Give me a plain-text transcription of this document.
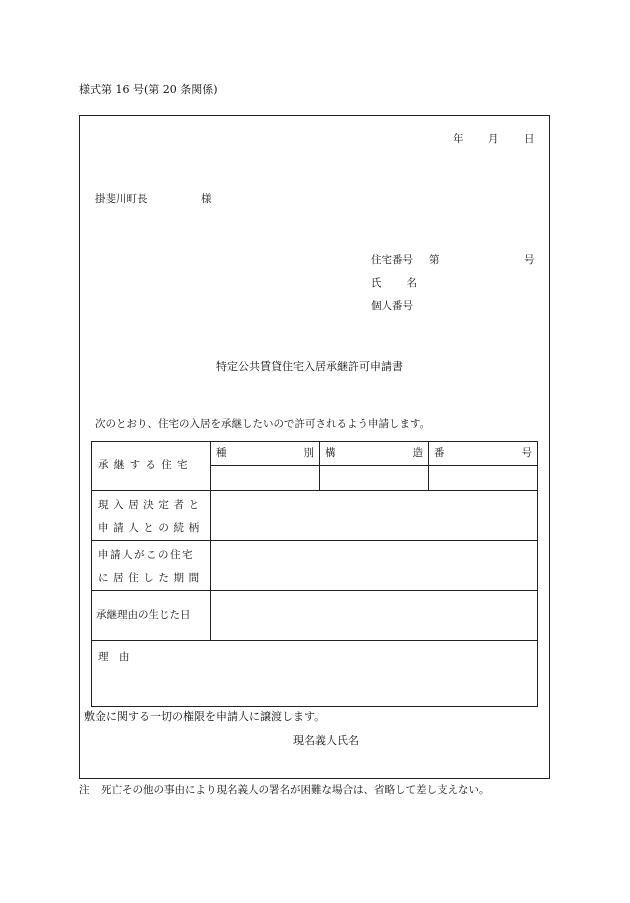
様式第 16 号(第 20 条関係)
年 月 日
掛斐川町長	様
住宅番号 第	号
氏 名
個人番号
特定公共賃貸住宅入居承継許可申請書
次のとおり、住宅の入居を承継したいので許可されるよう申請します。
承継する住宅
種	別 構	造 番	号
現入居決定者と
申請人との続柄
申請人がこの住宅
に居住した期間
承継理由の生じた日
理　由
敷金に関する一切の権限を申請人に譲渡します。
現名義人氏名
注 死亡その他の事由により現名義人の署名が困難な場合は、省略して差し支えない。
